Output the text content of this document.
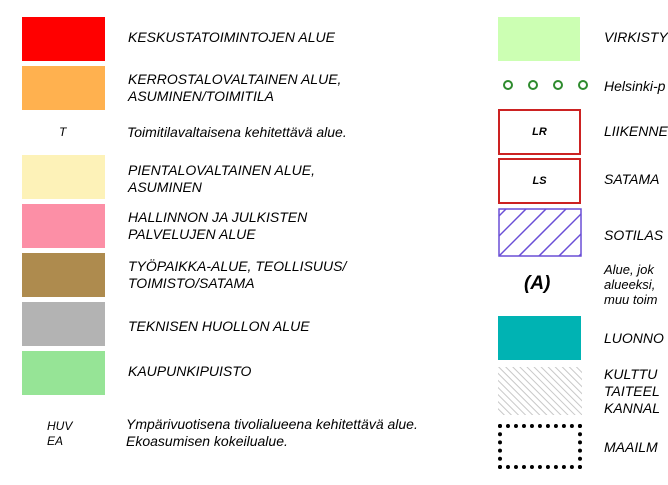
KESKUSTATOIMINTOJEN ALUE
KERROSTALOVALTAINEN ALUE,
ASUMINEN/TOIMITILA
T	Toimitilavaltaisena kehitettävä alue.
PIENTALOVALTAINEN ALUE,
ASUMINEN
HALLINNON JA JULKISTEN
PALVELUJEN ALUE
TYÖPAIKKA-ALUE, TEOLLISUUS/
TOIMISTO/SATAMA
TEKNISEN HUOLLON ALUE
KAUPUNKIPUISTO
HUV
EA
Ympärivuotisena tivolialueena kehitettävä alue.
Ekoasumisen kokeilualue.
VIRKISTY
Helsinki-p
LR	LIIKENNE
LS	SATAMA
SOTILAS
(A)
Alue, jok
alueeksi,
muu toim
LUONNO
KULTTU
TAITEEL
KANNAL
MAAILM
